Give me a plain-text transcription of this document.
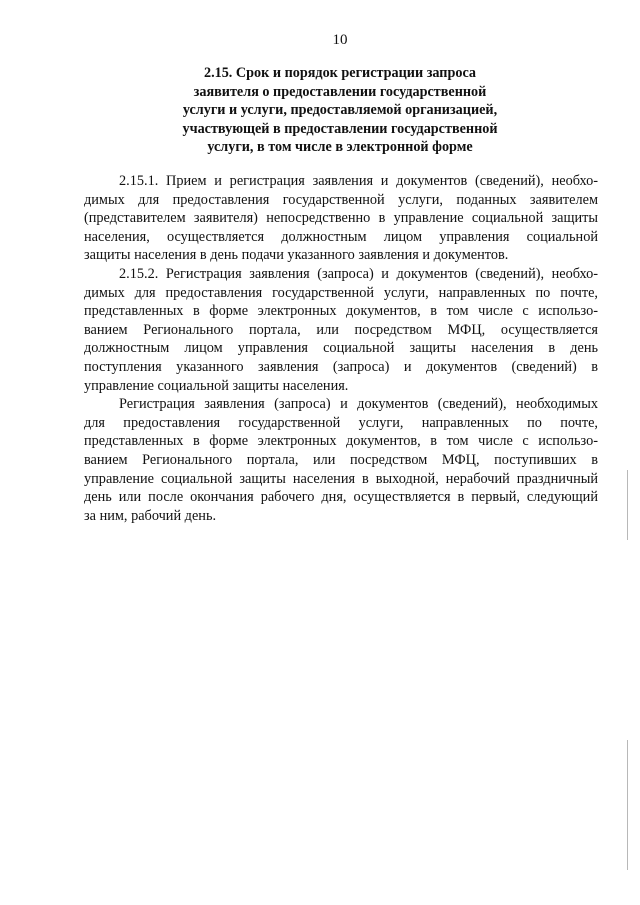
10
2.15. Срок и порядок регистрации запроса
заявителя о предоставлении государственной
услуги и услуги, предоставляемой организацией,
участвующей в предоставлении государственной
услуги, в том числе в электронной форме

2.15.1. Прием и регистрация заявления и документов (сведений), необхо-
димых для предоставления государственной услуги, поданных заявителем
(представителем заявителя) непосредственно в управление социальной защиты
населения, осуществляется должностным лицом управления социальной
защиты населения в день подачи указанного заявления и документов.

2.15.2. Регистрация заявления (запроса) и документов (сведений), необхо-
димых для предоставления государственной услуги, направленных по почте,
представленных в форме электронных документов, в том числе с использо-
ванием Регионального портала, или посредством МФЦ, осуществляется
должностным лицом управления социальной защиты населения в день
поступления указанного заявления (запроса) и документов (сведений) в
управление социальной защиты населения.

Регистрация заявления (запроса) и документов (сведений), необходимых
для предоставления государственной услуги, направленных по почте,
представленных в форме электронных документов, в том числе с использо-
ванием Регионального портала, или посредством МФЦ, поступивших в
управление социальной защиты населения в выходной, нерабочий праздничный
день или после окончания рабочего дня, осуществляется в первый, следующий
за ним, рабочий день.
